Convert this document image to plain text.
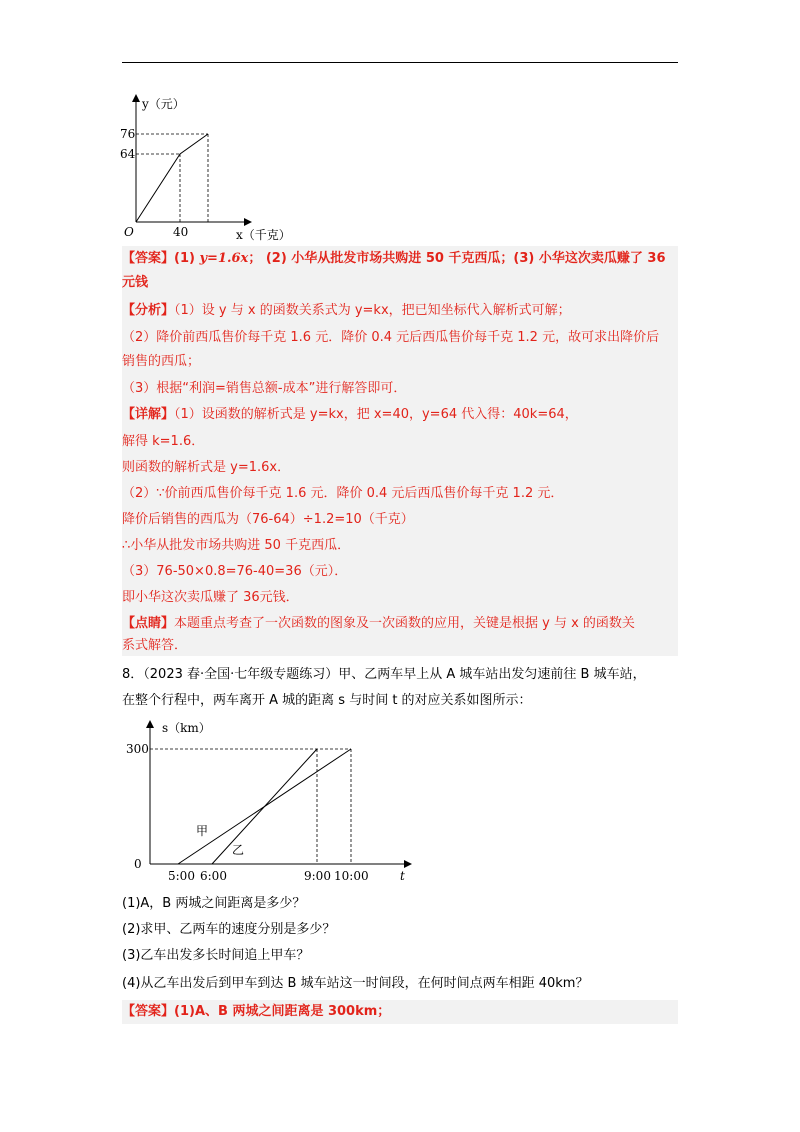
y（元）
76
64
O	40	x（千克）
【答案】(1) y=1.6x； (2) 小华从批发市场共购进 50 千克西瓜；(3) 小华这次卖瓜赚了 36
元钱
【分析】（1）设 y 与 x 的函数关系式为 y=kx，把已知坐标代入解析式可解；
（2）降价前西瓜售价每千克 1.6 元．降价 0.4 元后西瓜售价每千克 1.2 元，故可求出降价后
销售的西瓜；
（3）根据“利润=销售总额-成本”进行解答即可．
【详解】（1）设函数的解析式是 y=kx，把 x=40，y=64 代入得：40k=64，
解得 k=1.6．
则函数的解析式是 y=1.6x．
（2）∵价前西瓜售价每千克 1.6 元．降价 0.4 元后西瓜售价每千克 1.2 元．
降价后销售的西瓜为（76-64）÷1.2=10（千克）
∴小华从批发市场共购进 50 千克西瓜．
（3）76-50×0.8=76-40=36（元）．
即小华这次卖瓜赚了 36元钱．
【点睛】本题重点考查了一次函数的图象及一次函数的应用，关键是根据 y 与 x 的函数关
系式解答．
8．（2023 春·全国·七年级专题练习）甲、乙两车早上从 A 城车站出发匀速前往 B 城车站，
在整个行程中，两车离开 A 城的距离 s 与时间 t 的对应关系如图所示：
s（km）
300
0
甲
乙
5:00 6:00	9:00 10:00	t
(1)A，B 两城之间距离是多少？
(2)求甲、乙两车的速度分别是多少？
(3)乙车出发多长时间追上甲车？
(4)从乙车出发后到甲车到达 B 城车站这一时间段，在何时间点两车相距 40km？
【答案】(1)A、B 两城之间距离是 300km；
